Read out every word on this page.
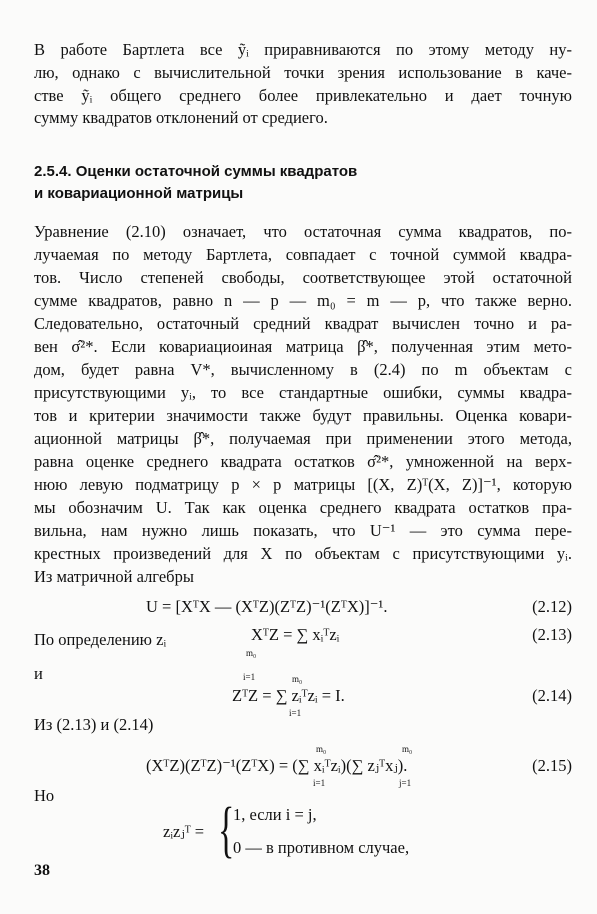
В работе Бартлета все ỹᵢ приравниваются по этому методу ну-
лю, однако с вычислительной точки зрения использование в каче-
стве ỹᵢ общего среднего более привлекательно и дает точную
сумму квадратов отклонений от средиего.
2.5.4. Оценки остаточной суммы квадратов
и ковариационной матрицы
Уравнение (2.10) означает, что остаточная сумма квадратов, по-
лучаемая по методу Бартлета, совпадает с точной суммой квадра-
тов. Число степеней свободы, соответствующее этой остаточной
сумме квадратов, равно n — p — m₀ = m — p, что также верно.
Следовательно, остаточный средний квадрат вычислен точно и ра-
вен σ̂²*. Если ковариациоиная матрица β̂*, полученная этим мето-
дом, будет равна V*, вычисленному в (2.4) по m объектам с
присутствующими yᵢ, то все стандартные ошибки, суммы квадра-
тов и критерии значимости также будут правильны. Оценка ковари-
ационной матрицы β̂*, получаемая при применении этого метода,
равна оценке среднего квадрата остатков σ̂²*, умноженной на верх-
нюю левую подматрицу p × p матрицы [(X, Z)ᵀ(X, Z)]⁻¹, которую
мы обозначим U. Так как оценка среднего квадрата остатков пра-
вильна, нам нужно лишь показать, что U⁻¹ — это сумма пере-
крестных произведений для X по объектам с присутствующими yᵢ.
Из матричной алгебры
U = [XᵀX — (XᵀZ)(ZᵀZ)⁻¹(ZᵀX)]⁻¹.	(2.12)
По определению zᵢ
m₀
XᵀZ = ∑ xᵢᵀzᵢ
i=1
(2.13)
и	m₀
ZᵀZ = ∑ zᵢᵀzᵢ = I.
i=1
(2.14)
Из (2.13) и (2.14)
m₀	m₀
(XᵀZ)(ZᵀZ)⁻¹(ZᵀX) = (∑ xᵢᵀzᵢ)(∑ zⱼᵀxⱼ).
i=1	j=1
(2.15)
Но
zᵢzⱼᵀ = {
1, если i = j,
0 — в противном случае,
38
